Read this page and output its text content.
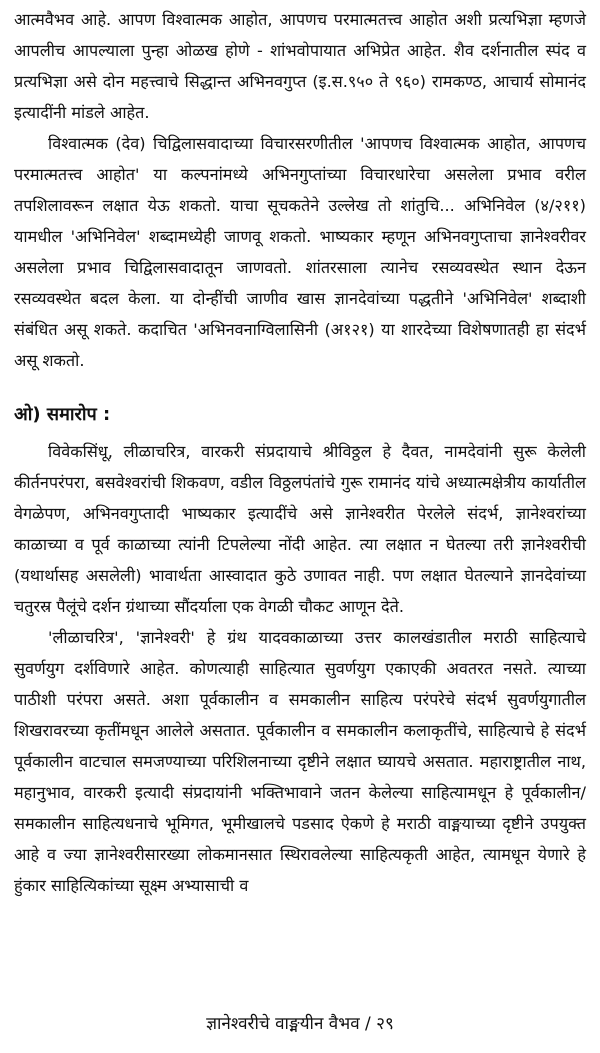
आत्मवैभव आहे. आपण विश्वात्मक आहोत, आपणच परमात्मतत्त्व आहोत अशी प्रत्यभिज्ञा म्हणजे आपलीच आपल्याला पुन्हा ओळख होणे - शांभवोपायात अभिप्रेत आहेत. शैव दर्शनातील स्पंद व प्रत्यभिज्ञा असे दोन महत्त्वाचे सिद्धान्त अभिनवगुप्त (इ.स.९५० ते ९६०) रामकण्ठ, आचार्य सोमानंद इत्यादींनी मांडले आहेत.

विश्वात्मक (देव) चिद्विलासवादाच्या विचारसरणीतील 'आपणच विश्वात्मक आहोत, आपणच परमात्मतत्त्व आहोत' या कल्पनांमध्ये अभिनगुप्तांच्या विचारधारेचा असलेला प्रभाव वरील तपशिलावरून लक्षात येऊ शकतो. याचा सूचकतेने उल्लेख तो शांतुचि... अभिनिवेल (४/२११) यामधील 'अभिनिवेल' शब्दामध्येही जाणवू शकतो. भाष्यकार म्हणून अभिनवगुप्ताचा ज्ञानेश्वरीवर असलेला प्रभाव चिद्विलासवादातून जाणवतो. शांतरसाला त्यानेच रसव्यवस्थेत स्थान देऊन रसव्यवस्थेत बदल केला. या दोन्हींची जाणीव खास ज्ञानदेवांच्या पद्धतीने 'अभिनिवेल' शब्दाशी संबंधित असू शकते. कदाचित 'अभिनवनाग्विलासिनी (अ१२१) या शारदेच्या विशेषणातही हा संदर्भ असू शकतो.

ओ) समारोप :

विवेकसिंधू, लीळाचरित्र, वारकरी संप्रदायाचे श्रीविठ्ठल हे दैवत, नामदेवांनी सुरू केलेली कीर्तनपरंपरा, बसवेश्वरांची शिकवण, वडील विठ्ठलपंतांचे गुरू रामानंद यांचे अध्यात्मक्षेत्रीय कार्यातील वेगळेपण, अभिनवगुप्तादी भाष्यकार इत्यादींचे असे ज्ञानेश्वरीत पेरलेले संदर्भ, ज्ञानेश्वरांच्या काळाच्या व पूर्व काळाच्या त्यांनी टिपलेल्या नोंदी आहेत. त्या लक्षात न घेतल्या तरी ज्ञानेश्वरीची (यथार्थासह असलेली) भावार्थता आस्वादात कुठे उणावत नाही. पण लक्षात घेतल्याने ज्ञानदेवांच्या चतुरस्र पैलूंचे दर्शन ग्रंथाच्या सौंदर्याला एक वेगळी चौकट आणून देते.

'लीळाचरित्र', 'ज्ञानेश्वरी' हे ग्रंथ यादवकाळाच्या उत्तर कालखंडातील मराठी साहित्याचे सुवर्णयुग दर्शविणारे आहेत. कोणत्याही साहित्यात सुवर्णयुग एकाएकी अवतरत नसते. त्याच्या पाठीशी परंपरा असते. अशा पूर्वकालीन व समकालीन साहित्य परंपरेचे संदर्भ सुवर्णयुगातील शिखरावरच्या कृतींमधून आलेले असतात. पूर्वकालीन व समकालीन कलाकृतींचे, साहित्याचे हे संदर्भ पूर्वकालीन वाटचाल समजण्याच्या परिशिलनाच्या दृष्टीने लक्षात घ्यायचे असतात. महाराष्ट्रातील नाथ, महानुभाव, वारकरी इत्यादी संप्रदायांनी भक्तिभावाने जतन केलेल्या साहित्यामधून हे पूर्वकालीन/समकालीन साहित्यधनाचे भूमिगत, भूमीखालचे पडसाद ऐकणे हे मराठी वाङ्मयाच्या दृष्टीने उपयुक्त आहे व ज्या ज्ञानेश्वरीसारख्या लोकमानसात स्थिरावलेल्या साहित्यकृती आहेत, त्यामधून येणारे हे हुंकार साहित्यिकांच्या सूक्ष्म अभ्यासाची व

ज्ञानेश्वरीचे वाङ्मयीन वैभव / २९
